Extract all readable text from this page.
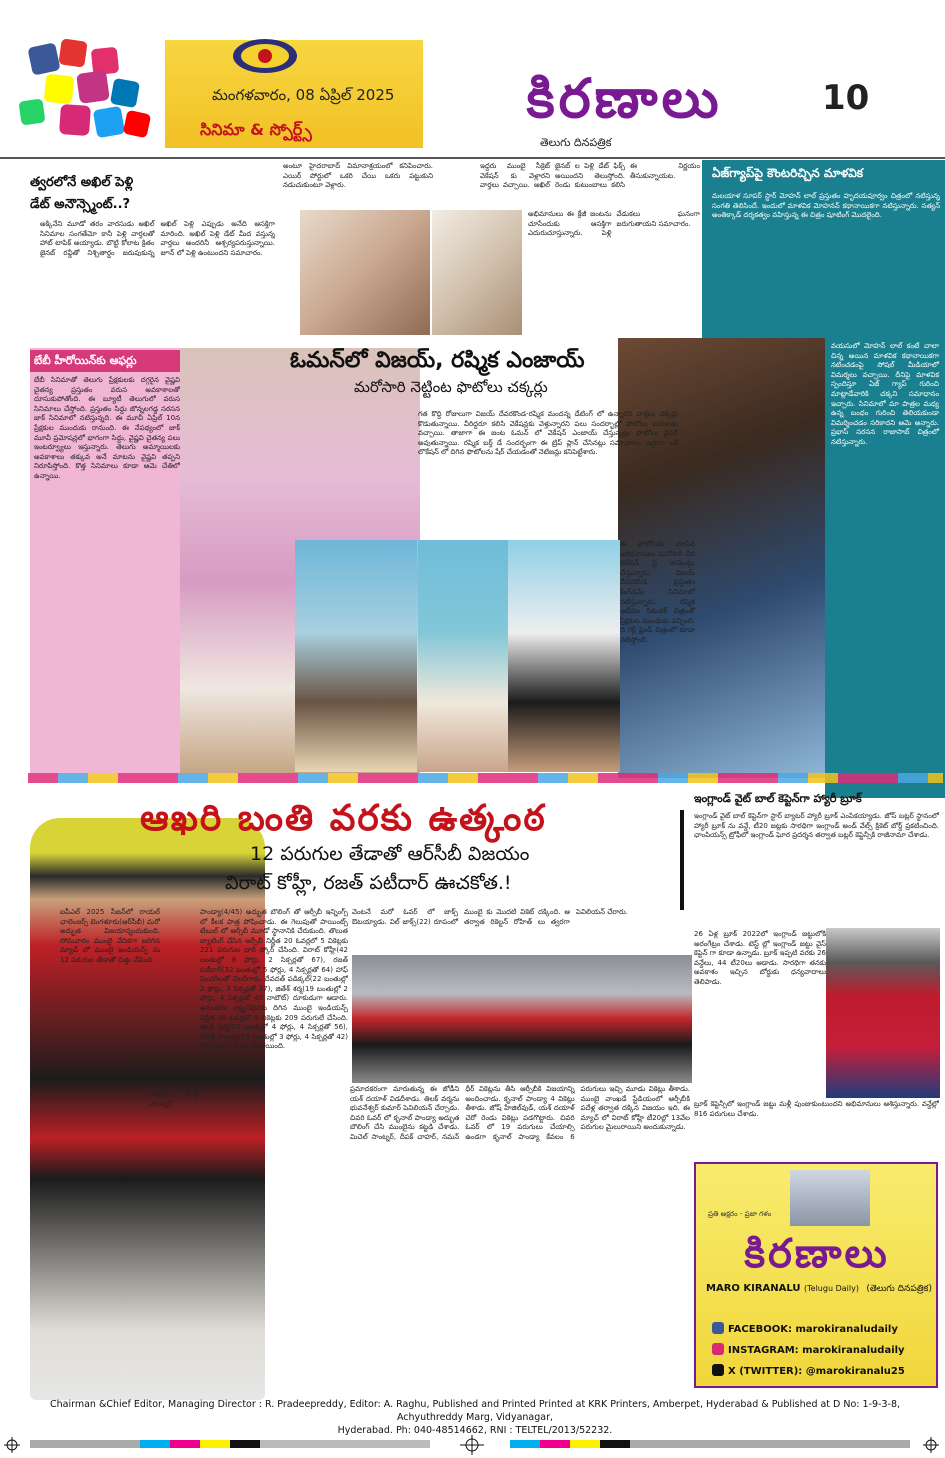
మంగళవారం, 08 ఏప్రిల్ 2025
సినిమా & స్పోర్ట్స్	కిరణాలు
తెలుగు దినపత్రిక
10
త్వరలోనే అఖిల్ పెళ్లి
డేట్ అనౌన్స్మెంట్..?
అక్కినేని మూడో తరం వారసుడు అఖిల్ సినిమాల సంగతేమో కానీ పెళ్లి వార్తలతో హాట్ టాపిక్ అయ్యాడు. బొట్టి కోలాట క్రితం జైనబ్ రవ్డీతో నిశ్చితార్థం జరుపుకున్న అఖిల్ పెళ్లి ఎప్పుడు అనేది ఆసక్తిగా మారింది. అఖిల్ పెళ్లి డేట్ మీద వస్తున్న వార్తలు అందరినీ ఆశ్చర్యపరుస్తున్నాయి. జూన్ లో పెళ్లి ఉంటుందని సమాచారం.
అంటూ హైదరాబాద్ విమానాశ్రయంలో కనిపించారు. ఎయిర్ పోర్టులో ఒకరి చేయి ఒకరు పట్టుకుని నడుచుకుంటూ వెళ్లారు.
ఇద్దరు ముంబై సీక్రెట్ వెకేషన్ కు వెళ్లారని వార్తలు వచ్చాయి. అఖిల్ జైనబ్ ల పెళ్లి డేట్ ఫిక్స్ అయిందని తెలుస్తోంది. రెండు కుటుంబాలు కలిసి ఈ నిర్ణయం తీసుకున్నాయట.
అభిమానులు ఈ క్రేజీ జంటను చూసేందుకు ఆసక్తిగా ఎదురుచూస్తున్నారు. పెళ్లి వేడుకలు ఘనంగా జరుగుతాయని సమాచారం.
ఏజ్‌గ్యాప్‌పై కౌంటరిచ్చిన మాళవిక
మలయాళ సూపర్ స్టార్ మోహన్ లాల్ ప్రస్తుతం హృదయపూర్వం చిత్రంలో నటిస్తున్న సంగతి తెలిసిందే. ఇందులో మాళవిక మోహనన్ కథానాయికగా నటిస్తున్నారు. సత్యన్ అంతిక్కాడ్ దర్శకత్వం వహిస్తున్న ఈ చిత్రం షూటింగ్ మొదలైంది.
వయసులో మోహన్ లాల్ కంటే చాలా చిన్న అయిన మాళవిక కథానాయికగా నటించడంపై సోషల్ మీడియాలో విమర్శలు వచ్చాయి. దీనిపై మాళవిక స్పందిస్తూ ఏజ్ గ్యాప్ గురించి మాట్లాడేవారికి చక్కని సమాధానం ఇచ్చారు. సినిమాలో మా పాత్రల మధ్య ఉన్న బంధం గురించి తెలియకుండా విమర్శించడం సరికాదని ఆమె అన్నారు. ప్రభాస్ సరసన రాజాసాబ్ చిత్రంలో నటిస్తున్నారు.
బేబీ హీరోయిన్‌కు ఆఫర్లు
బేబీ సినిమాతో తెలుగు ప్రేక్షకులకు దగ్గరైన వైష్ణవి చైతన్య ప్రస్తుతం వరుస అవకాశాలతో దూసుకుపోతోంది. ఈ బ్యూటీ తెలుగులో వరుస సినిమాలు చేస్తోంది. ప్రస్తుతం సిద్ధు జొన్నలగడ్డ సరసన జాక్ సినిమాలో నటిస్తున్నది. ఈ మూవీ ఏప్రిల్ 10న ప్రేక్షకుల ముందుకు రానుంది. ఈ నేపథ్యంలో జాక్ మూవీ ప్రమోషన్లలో భాగంగా సిద్ధు, వైష్ణవి చైతన్య పలు ఇంటర్వ్యూలు ఇస్తున్నారు. తెలుగు అమ్మాయిలకు అవకాశాలు తక్కువ అనే మాటను వైష్ణవి తప్పని నిరూపిస్తోంది. కొత్త సినిమాలు కూడా ఆమె చేతిలో ఉన్నాయి.
ఓమన్‌లో విజయ్, రష్మిక ఎంజాయ్
మరోసారి నెట్టింట ఫొటోలు చక్కర్లు
గత కొద్ది రోజులుగా విజయ్ దేవరకొండ-రష్మిక మందన్న డేటింగ్ లో ఉన్నారని వార్తలు చక్కర్లు కొడుతున్నాయి. వీరిద్దరూ కలిసి వెకేషన్లకు వెళ్తున్నారని పలు సందర్భాల్లో ఫొటోలు బయటకు వచ్చాయి. తాజాగా ఈ జంట ఓమన్ లో వెకేషన్ ఎంజాయ్ చేస్తున్నట్లు ఫొటోలు వైరల్ అవుతున్నాయి. రష్మిక బర్త్ డే సందర్భంగా ఈ ట్రిప్ ప్లాన్ చేసినట్లు సమాచారం. ఇద్దరూ ఒకే లొకేషన్ లో దిగిన ఫొటోలను షేర్ చేయడంతో నెటిజన్లు కనిపెట్టేశారు.
ఈ ఫొటోలను చూసిన అభిమానులు మరోసారి వీరి రిలేషన్ పై కామెంట్లు చేస్తున్నారు. విజయ్ దేవరకొండ ప్రస్తుతం కింగ్‌డమ్ సినిమాలో నటిస్తున్నారు. రష్మిక ఇటీవల సికందర్ చిత్రంతో ప్రేక్షకుల ముందుకు వచ్చింది. ది గర్ల్ ఫ్రెండ్ చిత్రంలో కూడా నటిస్తోంది.
ఆఖరి బంతి వరకు ఉత్కంఠ
12 పరుగుల తేడాతో ఆర్‌సీబీ విజయం
విరాట్ కోహ్లీ, రజత్ పటీదార్ ఊచకోత.!
ఐపీఎల్ 2025 సీజన్‌లో రాయల్ ఛాలెంజర్స్ బెంగళూరు(ఆర్‌సీబీ) మరో అద్భుత విజయాన్నందుకుంది. సోమవారం ముంబై వేదికగా జరిగిన మ్యాచ్ లో ముంబై ఇండియన్స్ ను 12 పరుగుల తేడాతో చిత్తు చేసింది.
పాండ్యా(4/45) అద్భుత బౌలింగ్ తో ఆర్సీబీ ఇన్నింగ్స్ లో కీలక పాత్ర పోషించాడు. ఈ గెలుపుతో పాయింట్స్ టేబుల్ లో ఆర్సీబీ మూడో స్థానానికి చేరుకుంది. తొలుత బ్యాటింగ్ చేసిన ఆర్సీబీ నిర్ణీత 20 ఓవర్లలో 5 వికెట్లకు 221 పరుగుల భారీ స్కోర్ చేసింది. విరాట్ కోహ్లీ(42 బంతుల్లో 8 ఫోర్లు, 2 సిక్సర్లతో 67), రజత్ పటీదార్(32 బంతుల్లో 5 ఫోర్లు, 4 సిక్సర్లతో 64) హాఫ్ సెంచరీలతో చెలరేగారు. దేవదత్ పడిక్కల్(22 బంతుల్లో 2 ఫోర్లు, 3 సిక్సర్లతో 37), జితేశ్ శర్మ(19 బంతుల్లో 2 ఫోర్లు, 4 సిక్సర్లతో 40 నాటౌట్) దూకుడుగా ఆడారు. అనంతరం లక్ష్యచేధనకు దిగిన ముంబై ఇండియన్స్ నిర్ణీత 20 ఓవర్లలో 9 వికెట్లకు 209 పరుగులే చేసింది. తిలక్ వర్మ(29 బంతుల్లో 4 ఫోర్లు, 4 సిక్సర్లతో 56), హార్దిక్ పాండ్యా(15 బంతుల్లో 3 ఫోర్లు, 4 సిక్సర్లతో 42) పోరాడినా ఫలితం లేకపోయింది.
వెంటనే మరో ఓవర్ లో జాక్స్ ఔటయ్యాడు. విల్ జాక్స్(22) రూపంలో ముంబై కు మొదటి వికెట్ దక్కింది. ఆ తర్వాత రికెల్టన్ రోహిత్ లు త్వరగా పెవిలియన్ చేరారు.
బుమ్రా, బౌల్ట్, సాంట్నర్
ప్రమాదకరంగా మారుతున్న ఈ జోడీని యశ్ దయాళ్ విడదీశాడు. తిలక్ వర్మను భువనేశ్వర్ కుమార్ పెవిలియన్ చేర్చాడు. చివరి ఓవర్ లో కృనాల్ పాండ్యా అద్భుత బౌలింగ్ చేసి ముంబైను కట్టడి చేశాడు. మిచెల్ సాంట్నర్, దీపక్ చాహర్, నమన్ ధీర్ వికెట్లను తీసి ఆర్సీబీకి విజయాన్ని అందించాడు. కృనాల్ పాండ్యా 4 వికెట్లు తీశాడు. జోష్ హేజిల్‌వుడ్, యశ్ దయాళ్ చెరో రెండు వికెట్లు పడగొట్టారు. చివరి ఓవర్ లో 19 పరుగులు చేయాల్సి ఉండగా కృనాల్ పాండ్యా కేవలం 6 పరుగులు ఇచ్చి మూడు వికెట్లు తీశాడు. ముంబై వాంఖడే స్టేడియంలో ఆర్సీబీకి పదేళ్ల తర్వాత దక్కిన విజయం ఇది. ఈ మ్యాచ్ లో విరాట్ కోహ్లీ టీ20ల్లో 13వేల పరుగుల మైలురాయిని అందుకున్నాడు.
ఇంగ్లాండ్ వైట్ బాల్ కెప్టెన్‌గా హ్యారీ బ్రూక్
ఇంగ్లాండ్ వైట్ బాల్ కెప్టెన్‌గా స్టార్ బ్యాటర్ హ్యారీ బ్రూక్ ఎంపికయ్యాడు. జోస్ బట్లర్ స్థానంలో హ్యారీ బ్రూక్ ను వన్డే, టీ20 జట్లకు సారథిగా ఇంగ్లాండ్ అండ్ వేల్స్ క్రికెట్ బోర్డ్ ప్రకటించింది. ఛాంపియన్స్ ట్రోఫీలో ఇంగ్లాండ్ ఘోర ప్రదర్శన తర్వాత బట్లర్ కెప్టెన్సీకి రాజీనామా చేశాడు.
26 ఏళ్ల బ్రూక్ 2022లో ఇంగ్లాండ్ జట్టులోకి అరంగేట్రం చేశాడు. టెస్ట్ ల్లో ఇంగ్లాండ్ జట్టు వైస్ కెప్టెన్ గా కూడా ఉన్నాడు. బ్రూక్ ఇప్పటి వరకు 26 వన్డేలు, 44 టీ20లు ఆడాడు. సారథిగా తనకు అవకాశం ఇచ్చిన బోర్డుకు ధన్యవాదాలు తెలిపాడు.
బ్రూక్ కెప్టెన్సీలో ఇంగ్లాండ్ జట్టు మళ్లీ పుంజుకుంటుందని అభిమానులు ఆశిస్తున్నారు. వన్డేల్లో 816 పరుగులు చేశాడు.
ప్రతి అక్షరం - ప్రజా గళం
కిరణాలు
MARO KIRANALU (Telugu Daily) (తెలుగు దినపత్రిక)
FACEBOOK: marokiranaludaily
INSTAGRAM: marokiranaludaily
X (TWITTER): @marokiranalu25
Chairman &Chief Editor, Managing Director : R. Pradeepreddy, Editor: A. Raghu, Published and Printed Printed at KRK Printers, Amberpet, Hyderabad & Published at D No: 1-9-3-8, Achyuthreddy Marg, Vidyanagar,
Hyderabad. Ph: 040-48514662, RNI : TELTEL/2013/52232.
